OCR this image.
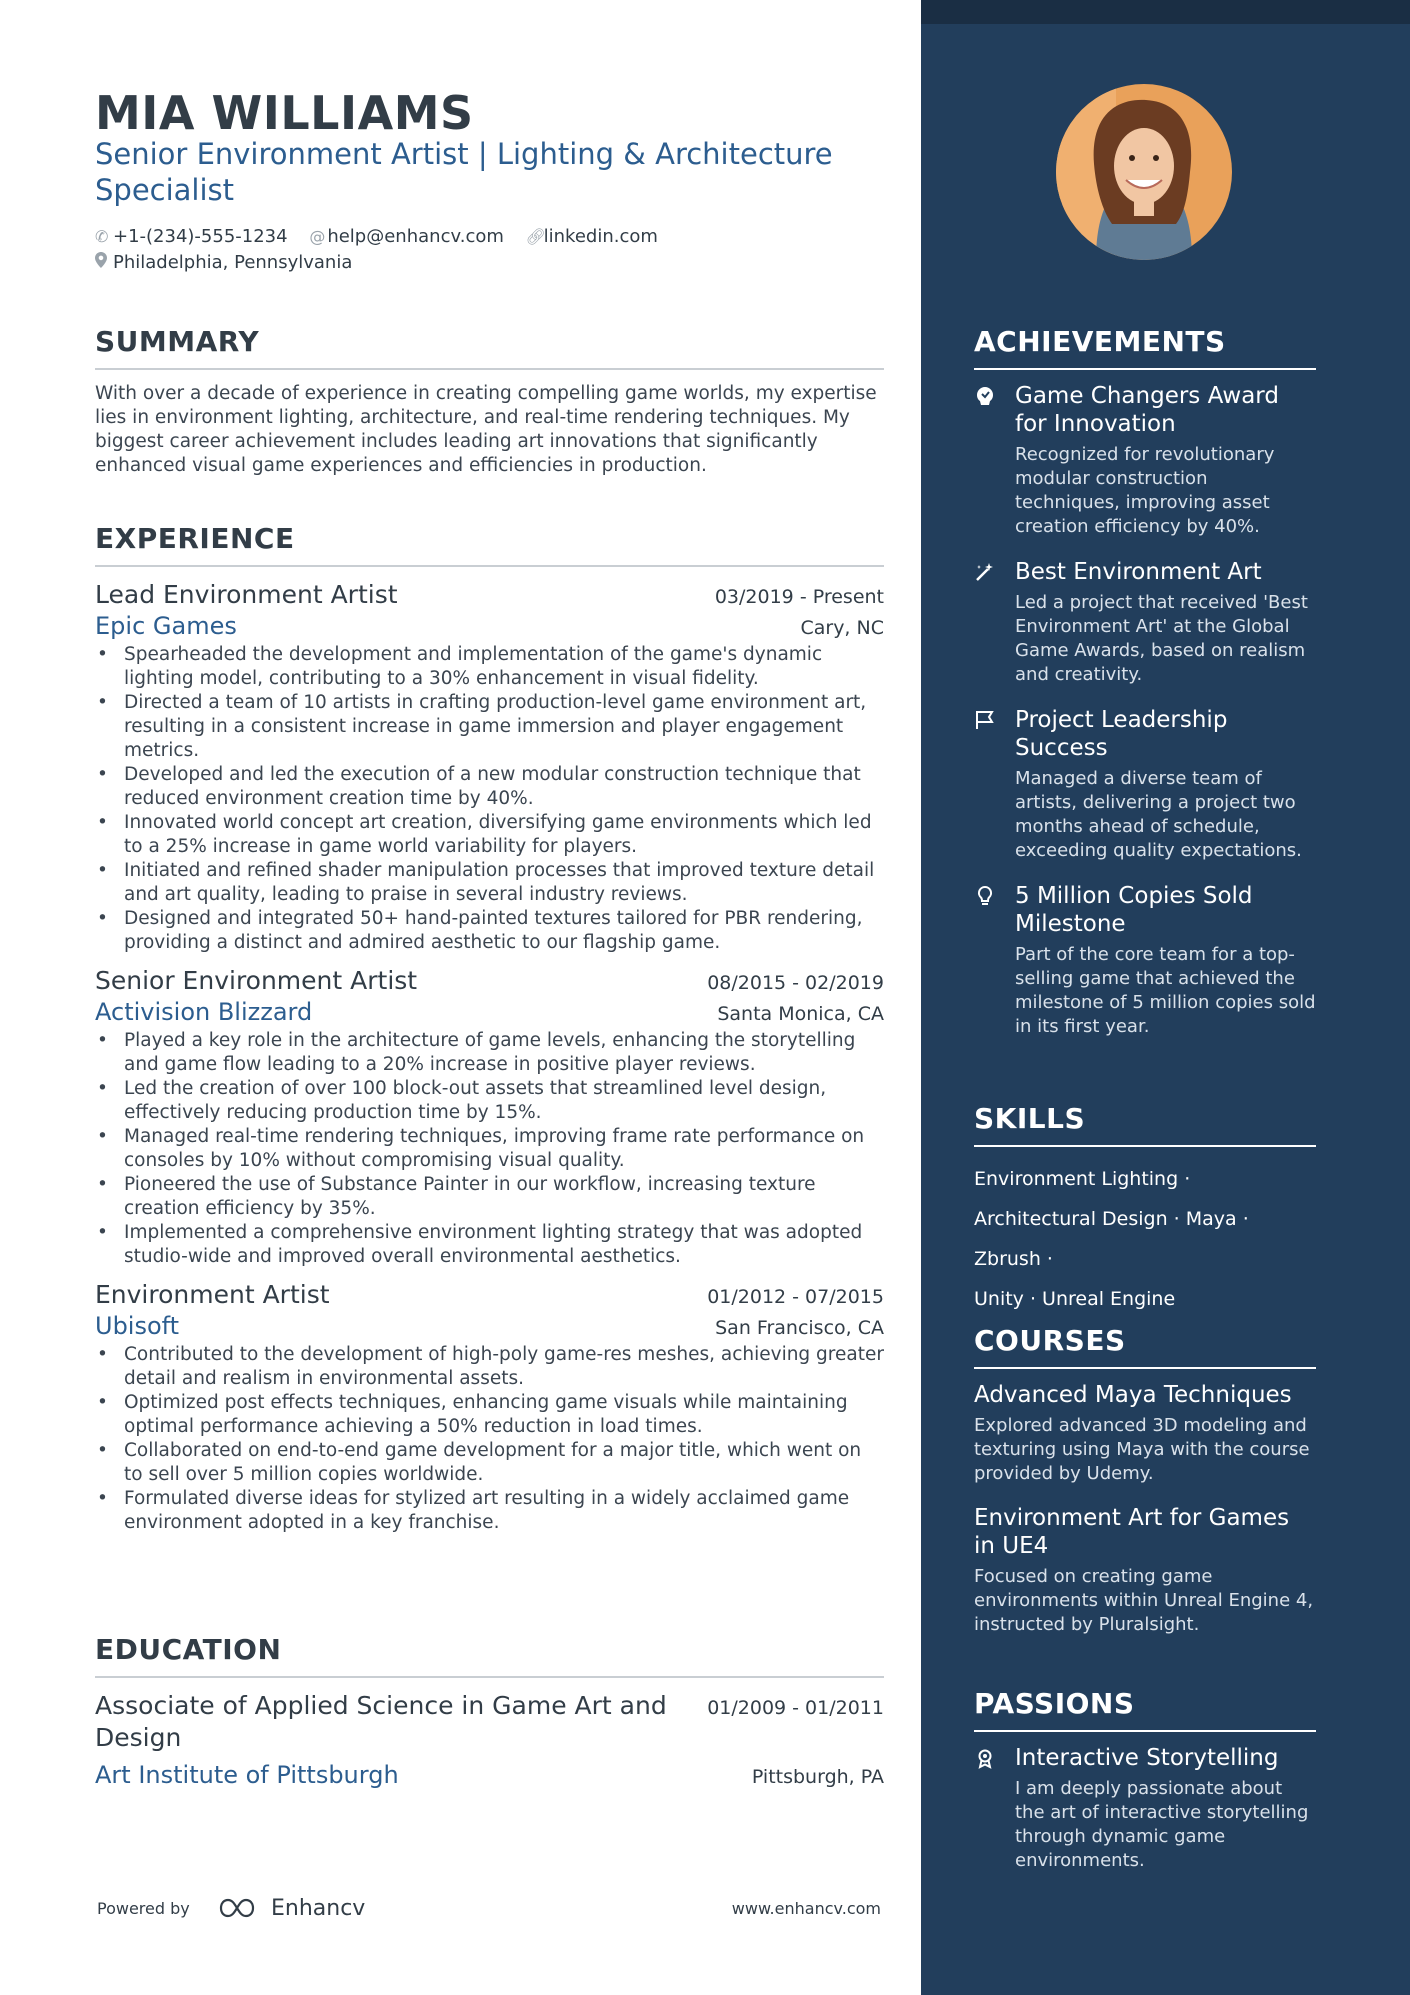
MIA WILLIAMS
Senior Environment Artist | Lighting & Architecture Specialist
✆ +1-(234)-555-1234 @ help@enhancv.com 🔗︎linkedin.com
Philadelphia, Pennsylvania
SUMMARY
With over a decade of experience in creating compelling game worlds, my expertise lies in environment lighting, architecture, and real-time rendering techniques. My biggest career achievement includes leading art innovations that significantly enhanced visual game experiences and efficiencies in production.
EXPERIENCE
Lead Environment Artist	03/2019 - Present
Epic Games	Cary, NC
• Spearheaded the development and implementation of the game's dynamic lighting model, contributing to a 30% enhancement in visual fidelity.
• Directed a team of 10 artists in crafting production-level game environment art, resulting in a consistent increase in game immersion and player engagement metrics.
• Developed and led the execution of a new modular construction technique that reduced environment creation time by 40%.
• Innovated world concept art creation, diversifying game environments which led to a 25% increase in game world variability for players.
• Initiated and refined shader manipulation processes that improved texture detail and art quality, leading to praise in several industry reviews.
• Designed and integrated 50+ hand-painted textures tailored for PBR rendering, providing a distinct and admired aesthetic to our flagship game.
Senior Environment Artist	08/2015 - 02/2019
Activision Blizzard	Santa Monica, CA
• Played a key role in the architecture of game levels, enhancing the storytelling and game flow leading to a 20% increase in positive player reviews.
• Led the creation of over 100 block-out assets that streamlined level design, effectively reducing production time by 15%.
• Managed real-time rendering techniques, improving frame rate performance on consoles by 10% without compromising visual quality.
• Pioneered the use of Substance Painter in our workflow, increasing texture creation efficiency by 35%.
• Implemented a comprehensive environment lighting strategy that was adopted studio-wide and improved overall environmental aesthetics.
Environment Artist	01/2012 - 07/2015
Ubisoft	San Francisco, CA
• Contributed to the development of high-poly game-res meshes, achieving greater detail and realism in environmental assets.
• Optimized post effects techniques, enhancing game visuals while maintaining optimal performance achieving a 50% reduction in load times.
• Collaborated on end-to-end game development for a major title, which went on to sell over 5 million copies worldwide.
• Formulated diverse ideas for stylized art resulting in a widely acclaimed game environment adopted in a key franchise.
EDUCATION
Associate of Applied Science in Game Art and Design
01/2009 - 01/2011
Art Institute of Pittsburgh	Pittsburgh, PA
Powered by	Enhancv	www.enhancv.com
ACHIEVEMENTS
Game Changers Award for Innovation
Recognized for revolutionary modular construction techniques, improving asset creation efficiency by 40%.
Best Environment Art
Led a project that received 'Best Environment Art' at the Global Game Awards, based on realism and creativity.
Project Leadership Success
Managed a diverse team of artists, delivering a project two months ahead of schedule, exceeding quality expectations.
5 Million Copies Sold Milestone
Part of the core team for a top-selling game that achieved the milestone of 5 million copies sold in its first year.
SKILLS
Environment Lighting ·
Architectural Design · Maya · Zbrush ·
Unity · Unreal Engine
COURSES
Advanced Maya Techniques
Explored advanced 3D modeling and texturing using Maya with the course provided by Udemy.
Environment Art for Games in UE4
Focused on creating game environments within Unreal Engine 4, instructed by Pluralsight.
PASSIONS
Interactive Storytelling
I am deeply passionate about the art of interactive storytelling through dynamic game environments.
